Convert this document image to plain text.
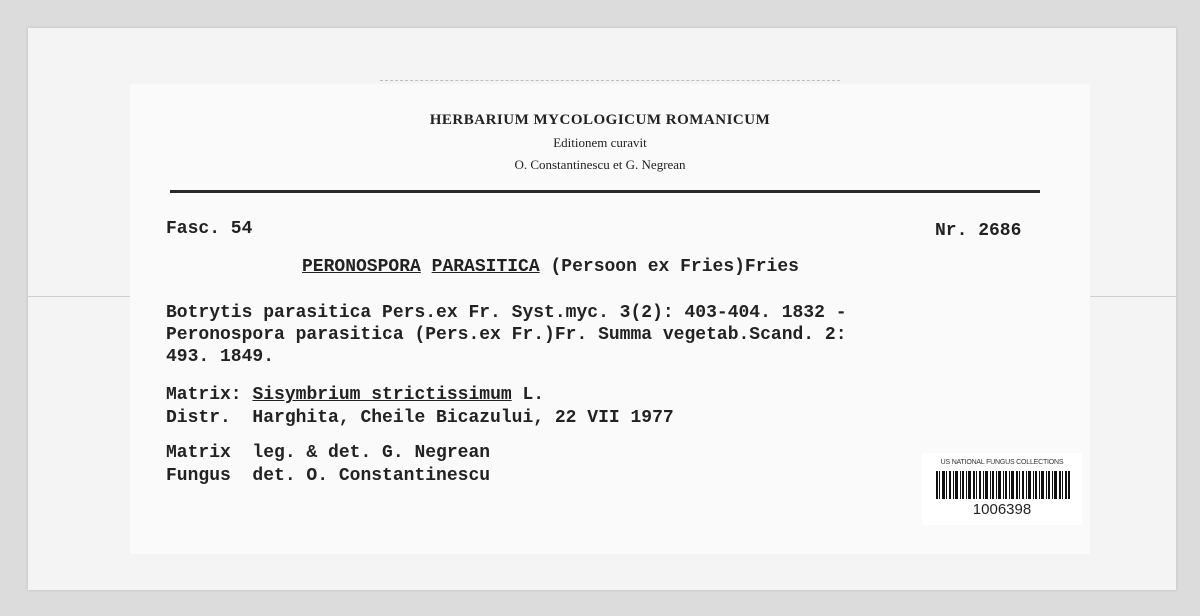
HERBARIUM MYCOLOGICUM ROMANICUM
Editionem curavit
O. Constantinescu et G. Negrean
Fasc. 54	Nr. 2686
PERONOSPORA PARASITICA (Persoon ex Fries)Fries
Botrytis parasitica Pers.ex Fr. Syst.myc. 3(2): 403-404. 1832 -
Peronospora parasitica (Pers.ex Fr.)Fr. Summa vegetab.Scand. 2:
493. 1849.
Matrix: Sisymbrium strictissimum L.
Distr. Harghita, Cheile Bicazului, 22 VII 1977
Matrix leg. & det. G. Negrean
Fungus det. O. Constantinescu
US NATIONAL FUNGUS COLLECTIONS
1006398
